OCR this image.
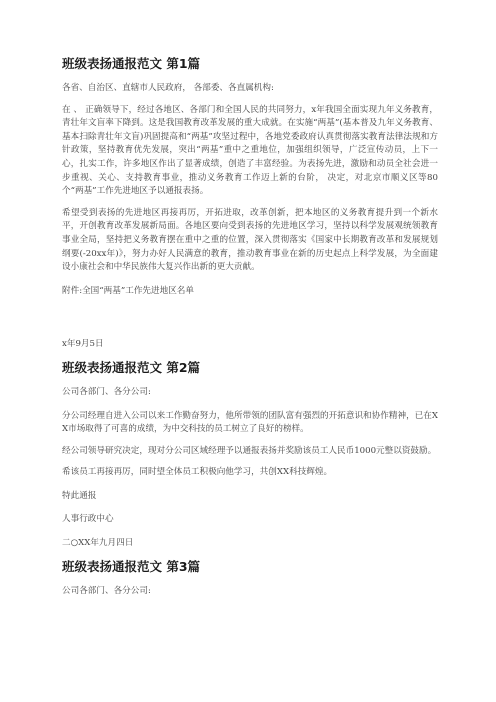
班级表扬通报范文 第1篇

各省、自治区、直辖市人民政府， 各部委、各直属机构:

在 、 正确领导下，经过各地区、各部门和全国人民的共同努力，x年我国全面实现九年义务教育，青壮年文盲率下降到。这是我国教育改革发展的重大成就。在实施“两基”(基本普及九年义务教育、基本扫除青壮年文盲)巩固提高和“两基”攻坚过程中，各地党委政府认真贯彻落实教育法律法规和方针政策，坚持教育优先发展，突出“两基”重中之重地位，加强组织领导，广泛宣传动员，上下一心，扎实工作，许多地区作出了显著成绩，创造了丰富经验。为表扬先进，激励和动员全社会进一步重视、关心、支持教育事业，推动义务教育工作迈上新的台阶， 决定，对北京市顺义区等80个“两基”工作先进地区予以通报表扬。

希望受到表扬的先进地区再接再厉，开拓进取，改革创新，把本地区的义务教育提升到一个新水平，开创教育改革发展新局面。各地区要向受到表扬的先进地区学习，坚持以科学发展观统领教育事业全局，坚持把义务教育摆在重中之重的位置，深入贯彻落实《国家中长期教育改革和发展规划纲要(-20xx年)》，努力办好人民满意的教育，推动教育事业在新的历史起点上科学发展，为全面建设小康社会和中华民族伟大复兴作出新的更大贡献。

附件:全国“两基”工作先进地区名单

x年9月5日

班级表扬通报范文 第2篇

公司各部门、各分公司:

分公司经理自进入公司以来工作勤奋努力，他所带领的团队富有强烈的开拓意识和协作精神，已在XX市场取得了可喜的成绩，为中交科技的员工树立了良好的榜样。

经公司领导研究决定，现对分公司区域经理予以通报表扬并奖励该员工人民币1000元整以资鼓励。

希该员工再接再厉，同时望全体员工积极向他学习，共创XX科技辉煌。

特此通报

人事行政中心

二○XX年九月四日

班级表扬通报范文 第3篇

公司各部门、各分公司:
